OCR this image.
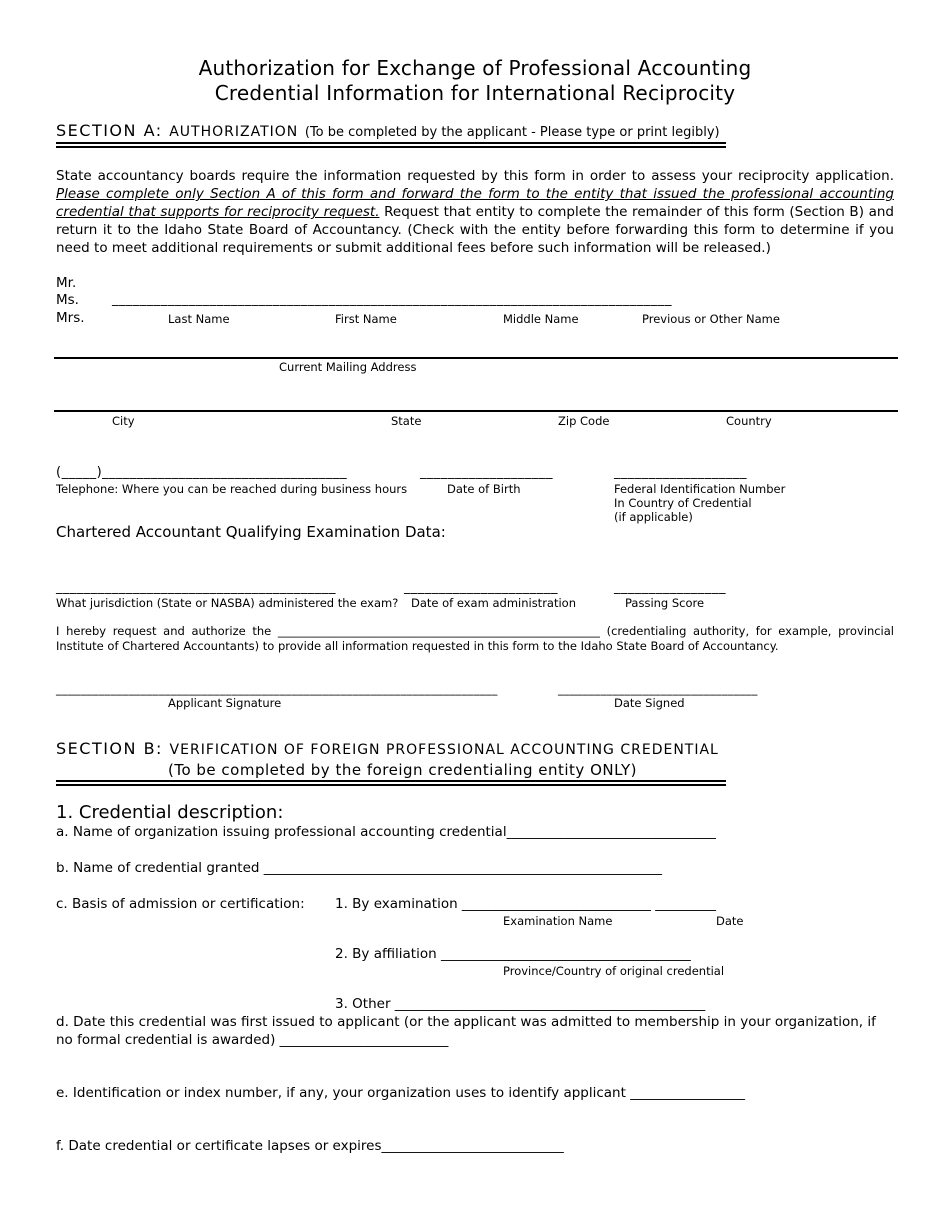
Authorization for Exchange of Professional Accounting
Credential Information for International Reciprocity
SECTION A: AUTHORIZATION (To be completed by the applicant - Please type or print legibly)
State accountancy boards require the information requested by this form in order to assess your reciprocity application. Please complete only Section A of this form and forward the form to the entity that issued the professional accounting credential that supports for reciprocity request. Request that entity to complete the remainder of this form (Section B) and return it to the Idaho State Board of Accountancy. (Check with the entity before forwarding this form to determine if you need to meet additional requirements or submit additional fees before such information will be released.)
Mr.
Ms.
Mrs.
________________________________________________________________________________
Last Name	First Name	Middle Name	Previous or Other Name
Current Mailing Address
City	State	Zip Code	Country
(_____)___________________________________	___________________	___________________
Telephone: Where you can be reached during business hours	Date of Birth	Federal Identification Number
In Country of Credential
(if applicable)
Chartered Accountant Qualifying Examination Data:
________________________________________	______________________	________________
What jurisdiction (State or NASBA) administered the exam? Date of exam administration	Passing Score
I hereby request and authorize the ________________________________________________________ (credentialing authority, for example, provincial Institute of Chartered Accountants) to provide all information requested in this form to the Idaho State Board of Accountancy.
_________________________________________________________________________	_________________________________
Applicant Signature	Date Signed
SECTION B: VERIFICATION OF FOREIGN PROFESSIONAL ACCOUNTING CREDENTIAL
(To be completed by the foreign credentialing entity ONLY)
1. Credential description:
a. Name of organization issuing professional accounting credential_______________________________
b. Name of credential granted ___________________________________________________________
c. Basis of admission or certification: 1. By examination ____________________________ _________
Examination Name	Date
2. By affiliation _____________________________________
Province/Country of original credential
3. Other ______________________________________________
d. Date this credential was first issued to applicant (or the applicant was admitted to membership in your organization, if no formal credential is awarded) _________________________
e. Identification or index number, if any, your organization uses to identify applicant _________________
f. Date credential or certificate lapses or expires___________________________
